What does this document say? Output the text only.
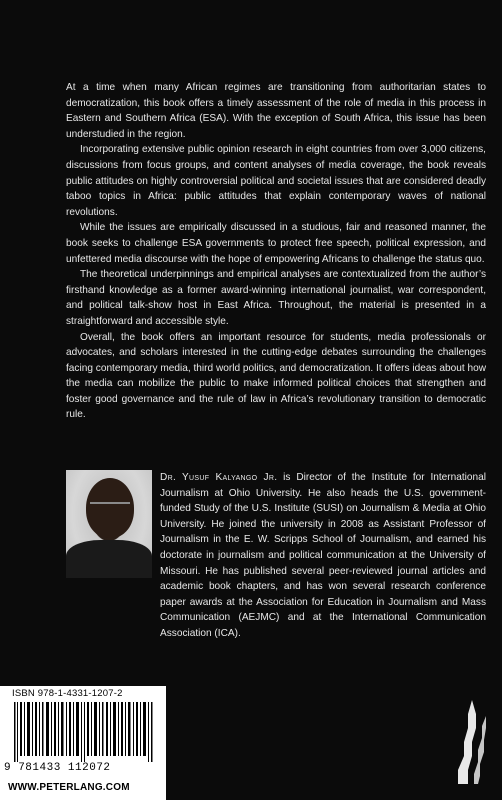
At a time when many African regimes are transitioning from authoritarian states to democratization, this book offers a timely assessment of the role of media in this process in Eastern and Southern Africa (ESA). With the exception of South Africa, this issue has been understudied in the region.

Incorporating extensive public opinion research in eight countries from over 3,000 citizens, discussions from focus groups, and content analyses of media coverage, the book reveals public attitudes on highly controversial political and societal issues that are considered deadly taboo topics in Africa: public attitudes that explain contemporary waves of national revolutions.

While the issues are empirically discussed in a studious, fair and reasoned manner, the book seeks to challenge ESA governments to protect free speech, political expression, and unfettered media discourse with the hope of empowering Africans to challenge the status quo.

The theoretical underpinnings and empirical analyses are contextualized from the author’s firsthand knowledge as a former award-winning international journalist, war correspondent, and political talk-show host in East Africa. Throughout, the material is presented in a straightforward and accessible style.

Overall, the book offers an important resource for students, media professionals or advocates, and scholars interested in the cutting-edge debates surrounding the challenges facing contemporary media, third world politics, and democratization. It offers ideas about how the media can mobilize the public to make informed political choices that strengthen and foster good governance and the rule of law in Africa’s revolutionary transition to democratic rule.

Dr. Yusuf Kalyango Jr. is Director of the Institute for International Journalism at Ohio University. He also heads the U.S. government-funded Study of the U.S. Institute (SUSI) on Journalism & Media at Ohio University. He joined the university in 2008 as Assistant Professor of Journalism in the E. W. Scripps School of Journalism, and earned his doctorate in journalism and political communication at the University of Missouri. He has published several peer-reviewed journal articles and academic book chapters, and has won several research conference paper awards at the Association for Education in Journalism and Mass Communication (AEJMC) and at the International Communication Association (ICA).
ISBN 978-1-4331-1207-2
9 781433 112072
WWW.PETERLANG.COM
